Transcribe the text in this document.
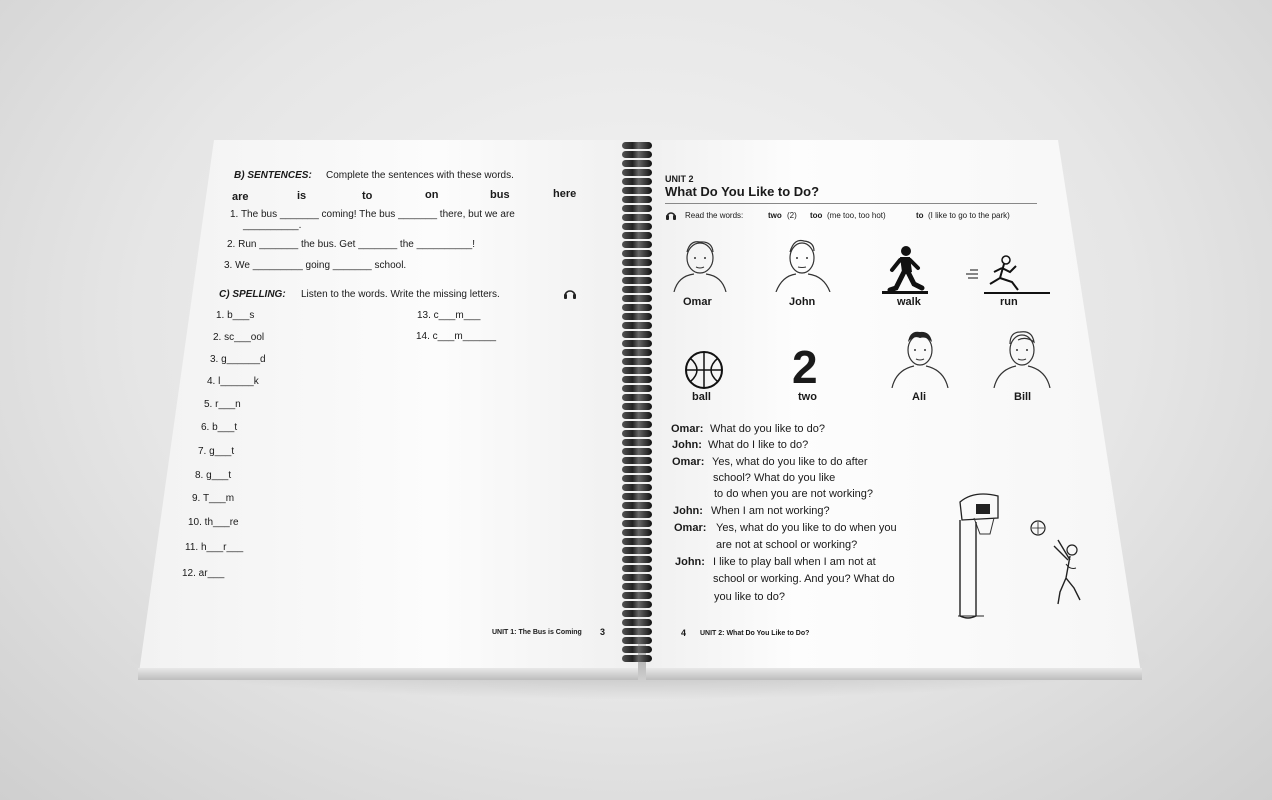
B) SENTENCES: Complete the sentences with these words.
are	is	to	on	bus	here
1. The bus _______ coming! The bus _______ there, but we are
__________.
2. Run _______ the bus. Get _______ the __________!
3. We _________ going _______ school.
C) SPELLING: Listen to the words. Write the missing letters.
1. b___s
2. sc___ool
3. g______d
4. l______k
5. r___n
6. b___t
7. g___t
8. g___t
9. T___m
10. th___re
11. h___r___
12. ar___
13. c___m___
14. c___m______
UNIT 1: The Bus is Coming 3
UNIT 2
What Do You Like to Do?
Read the words:	two (2) too (me too, too hot)	to (I like to go to the park)
Omar	John	walk	run
ball
2
two	Ali	Bill
Omar: What do you like to do?
John: What do I like to do?
Omar: Yes, what do you like to do after
school? What do you like
to do when you are not working?
John: When I am not working?
Omar: Yes, what do you like to do when you
are not at school or working?
John: I like to play ball when I am not at
school or working. And you? What do
you like to do?
4 UNIT 2: What Do You Like to Do?
